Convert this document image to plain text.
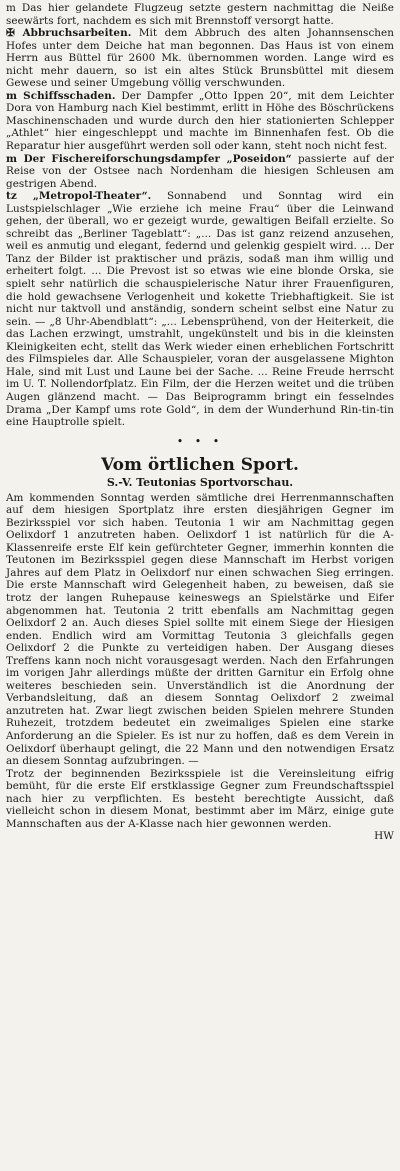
m Das hier gelandete Flugzeug setzte gestern nachmittag die Neiße seewärts fort, nachdem es sich mit Brennstoff versorgt hatte.

✠ Abbruchsarbeiten. Mit dem Abbruch des alten Johannsenschen Hofes unter dem Deiche hat man begonnen. Das Haus ist von einem Herrn aus Büttel für 2600 Mk. übernommen worden. Lange wird es nicht mehr dauern, so ist ein altes Stück Brunsbüttel mit diesem Gewese und seiner Umgebung völlig verschwunden.

m Schiffsschaden. Der Dampfer „Otto Ippen 20“, mit dem Leichter Dora von Hamburg nach Kiel bestimmt, erlitt in Höhe des Böschrückens Maschinenschaden und wurde durch den hier stationierten Schlepper „Athlet“ hier eingeschleppt und machte im Binnenhafen fest. Ob die Reparatur hier ausgeführt werden soll oder kann, steht noch nicht fest.

m Der Fischereiforschungsdampfer „Poseidon“ passierte auf der Reise von der Ostsee nach Nordenham die hiesigen Schleusen am gestrigen Abend.

tz „Metropol-Theater“. Sonnabend und Sonntag wird ein Lustspielschlager „Wie erziehe ich meine Frau“ über die Leinwand gehen, der überall, wo er gezeigt wurde, gewaltigen Beifall erzielte. So schreibt das „Berliner Tageblatt“: „... Das ist ganz reizend anzusehen, weil es anmutig und elegant, federnd und gelenkig gespielt wird. ... Der Tanz der Bilder ist praktischer und präzis, sodaß man ihm willig und erheitert folgt. ... Die Prevost ist so etwas wie eine blonde Orska, sie spielt sehr natürlich die schauspielerische Natur ihrer Frauenfiguren, die hold gewachsene Verlogenheit und kokette Triebhaftigkeit. Sie ist nicht nur taktvoll und anständig, sondern scheint selbst eine Natur zu sein. — „8 Uhr-Abendblatt“: „... Lebensprühend, von der Heiterkeit, die das Lachen erzwingt, umstrahlt, ungekünstelt und bis in die kleinsten Kleinigkeiten echt, stellt das Werk wieder einen erheblichen Fortschritt des Filmspieles dar. Alle Schauspieler, voran der ausgelassene Mighton Hale, sind mit Lust und Laune bei der Sache. ... Reine Freude herrscht im U. T. Nollendorfplatz. Ein Film, der die Herzen weitet und die trüben Augen glänzend macht. — Das Beiprogramm bringt ein fesselndes Drama „Der Kampf ums rote Gold“, in dem der Wunderhund Rin-tin-tin eine Hauptrolle spielt.

• • •
Vom örtlichen Sport.
S.-V. Teutonias Sportvorschau.

Am kommenden Sonntag werden sämtliche drei Herrenmannschaften auf dem hiesigen Sportplatz ihre ersten diesjährigen Gegner im Bezirksspiel vor sich haben. Teutonia 1 wir am Nachmittag gegen Oelixdorf 1 anzutreten haben. Oelixdorf 1 ist natürlich für die A-Klassenreife erste Elf kein gefürchteter Gegner, immerhin konnten die Teutonen im Bezirksspiel gegen diese Mannschaft im Herbst vorigen Jahres auf dem Platz in Oelixdorf nur einen schwachen Sieg erringen. Die erste Mannschaft wird Gelegenheit haben, zu beweisen, daß sie trotz der langen Ruhepause keineswegs an Spielstärke und Eifer abgenommen hat. Teutonia 2 tritt ebenfalls am Nachmittag gegen Oelixdorf 2 an. Auch dieses Spiel sollte mit einem Siege der Hiesigen enden. Endlich wird am Vormittag Teutonia 3 gleichfalls gegen Oelixdorf 2 die Punkte zu verteidigen haben. Der Ausgang dieses Treffens kann noch nicht vorausgesagt werden. Nach den Erfahrungen im vorigen Jahr allerdings müßte der dritten Garnitur ein Erfolg ohne weiteres beschieden sein. Unverständlich ist die Anordnung der Verbandsleitung, daß an diesem Sonntag Oelixdorf 2 zweimal anzutreten hat. Zwar liegt zwischen beiden Spielen mehrere Stunden Ruhezeit, trotzdem bedeutet ein zweimaliges Spielen eine starke Anforderung an die Spieler. Es ist nur zu hoffen, daß es dem Verein in Oelixdorf überhaupt gelingt, die 22 Mann und den notwendigen Ersatz an diesem Sonntag aufzubringen. —

Trotz der beginnenden Bezirksspiele ist die Vereinsleitung eifrig bemüht, für die erste Elf erstklassige Gegner zum Freundschaftsspiel nach hier zu verpflichten. Es besteht berechtigte Aussicht, daß vielleicht schon in diesem Monat, bestimmt aber im März, einige gute Mannschaften aus der A-Klasse nach hier gewonnen werden.

HW
